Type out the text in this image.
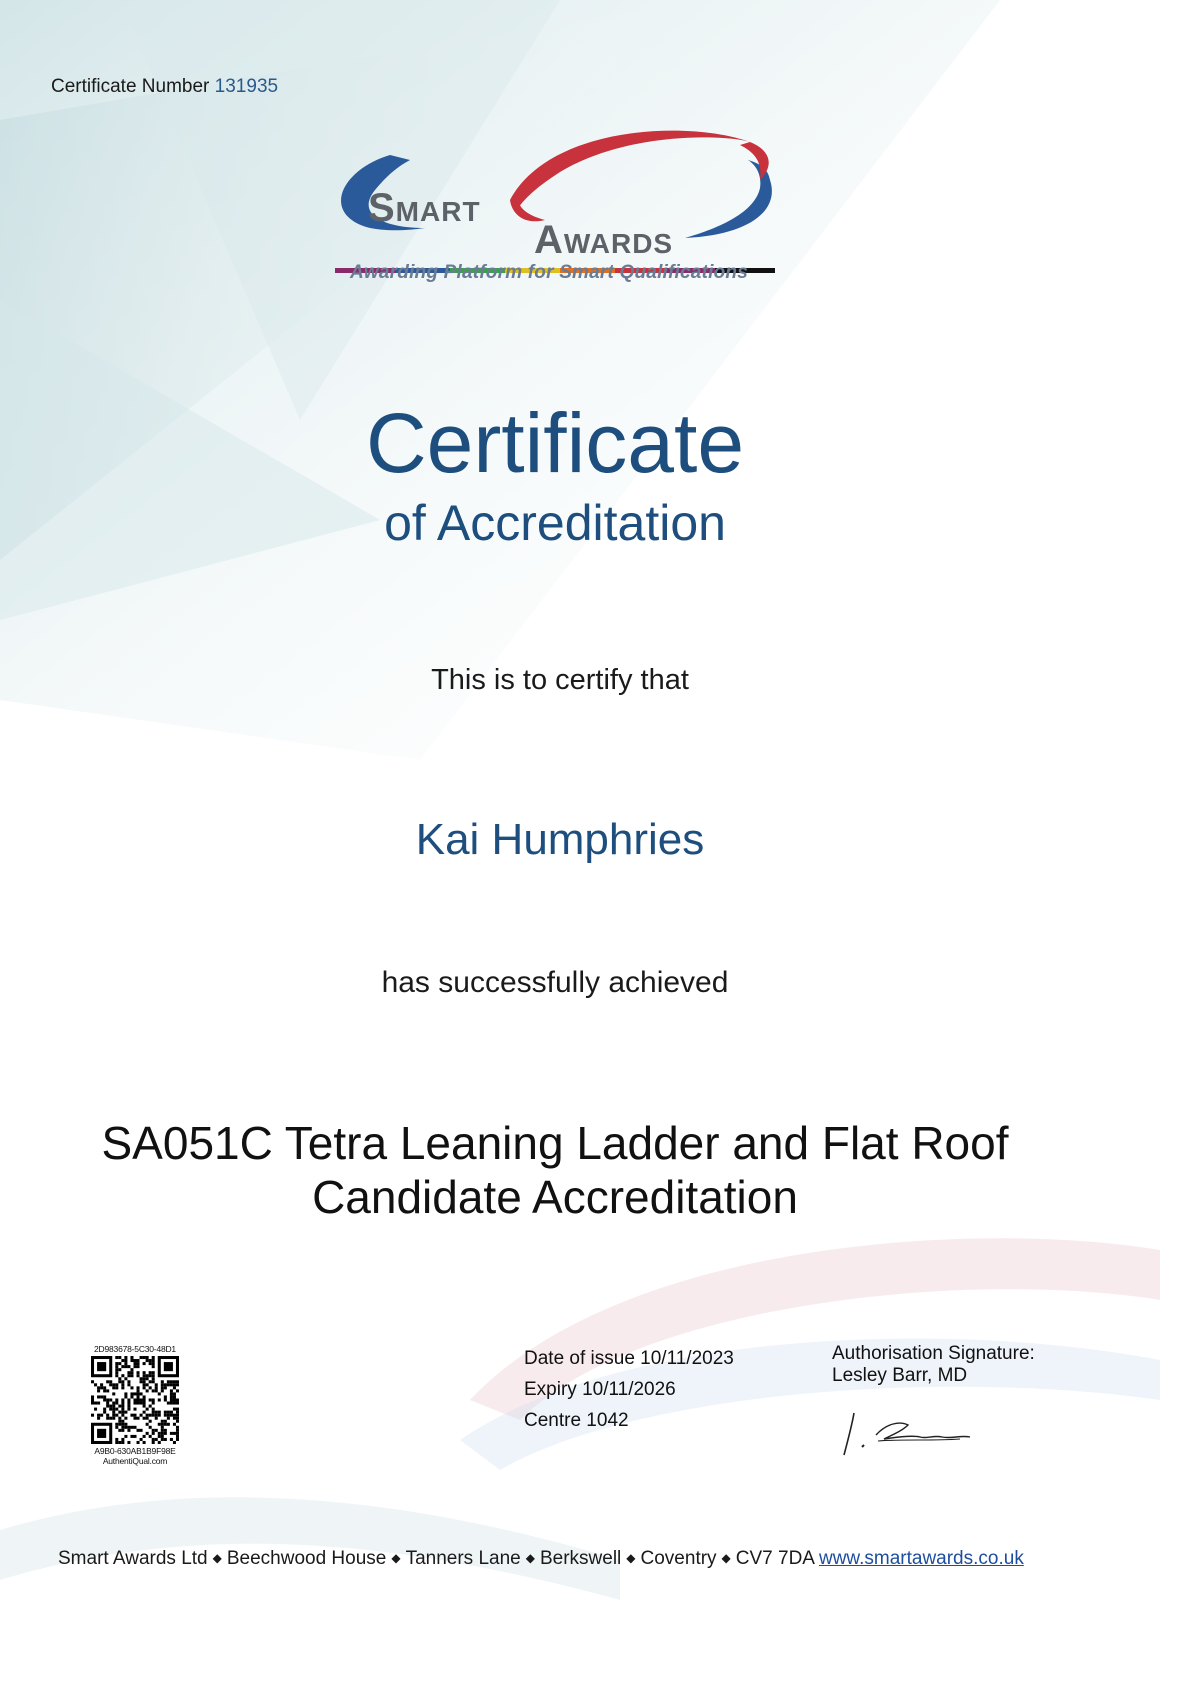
Certificate Number 131935
Smart
Awards
Awarding Platform for Smart Qualifications
Certificate
of Accreditation
This is to certify that
Kai Humphries
has successfully achieved
SA051C Tetra Leaning Ladder and Flat Roof
Candidate Accreditation
2D983678-5C30-48D1
A9B0-630AB1B9F98E
AuthentiQual.com
Date of issue 10/11/2023
Expiry 10/11/2026
Centre 1042
Authorisation Signature:
Lesley Barr, MD
Smart Awards Ltd ◆ Beechwood House ◆ Tanners Lane ◆ Berkswell ◆ Coventry ◆ CV7 7DA www.smartawards.co.uk
